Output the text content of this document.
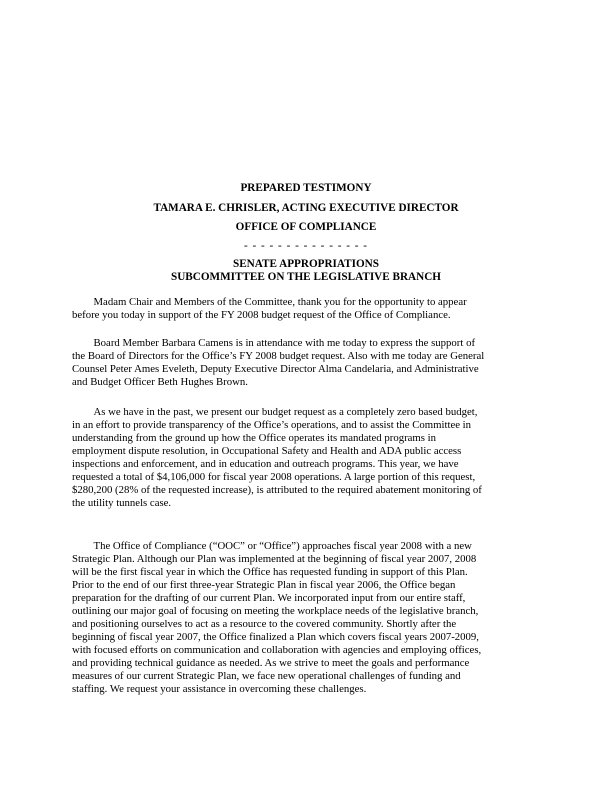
PREPARED TESTIMONY

TAMARA E. CHRISLER, ACTING EXECUTIVE DIRECTOR

OFFICE OF COMPLIANCE

- - - - - - - - - - - - - - -

SENATE APPROPRIATIONS

SUBCOMMITTEE ON THE LEGISLATIVE BRANCH

Madam Chair and Members of the Committee, thank you for the opportunity to appear
before you today in support of the FY 2008 budget request of the Office of Compliance.

Board Member Barbara Camens is in attendance with me today to express the support of
the Board of Directors for the Office’s FY 2008 budget request. Also with me today are General
Counsel Peter Ames Eveleth, Deputy Executive Director Alma Candelaria, and Administrative
and Budget Officer Beth Hughes Brown.

As we have in the past, we present our budget request as a completely zero based budget,
in an effort to provide transparency of the Office’s operations, and to assist the Committee in
understanding from the ground up how the Office operates its mandated programs in
employment dispute resolution, in Occupational Safety and Health and ADA public access
inspections and enforcement, and in education and outreach programs. This year, we have
requested a total of $4,106,000 for fiscal year 2008 operations. A large portion of this request,
$280,200 (28% of the requested increase), is attributed to the required abatement monitoring of
the utility tunnels case.

The Office of Compliance (“OOC” or “Office”) approaches fiscal year 2008 with a new
Strategic Plan. Although our Plan was implemented at the beginning of fiscal year 2007, 2008
will be the first fiscal year in which the Office has requested funding in support of this Plan.
Prior to the end of our first three-year Strategic Plan in fiscal year 2006, the Office began
preparation for the drafting of our current Plan. We incorporated input from our entire staff,
outlining our major goal of focusing on meeting the workplace needs of the legislative branch,
and positioning ourselves to act as a resource to the covered community. Shortly after the
beginning of fiscal year 2007, the Office finalized a Plan which covers fiscal years 2007-2009,
with focused efforts on communication and collaboration with agencies and employing offices,
and providing technical guidance as needed. As we strive to meet the goals and performance
measures of our current Strategic Plan, we face new operational challenges of funding and
staffing. We request your assistance in overcoming these challenges.
